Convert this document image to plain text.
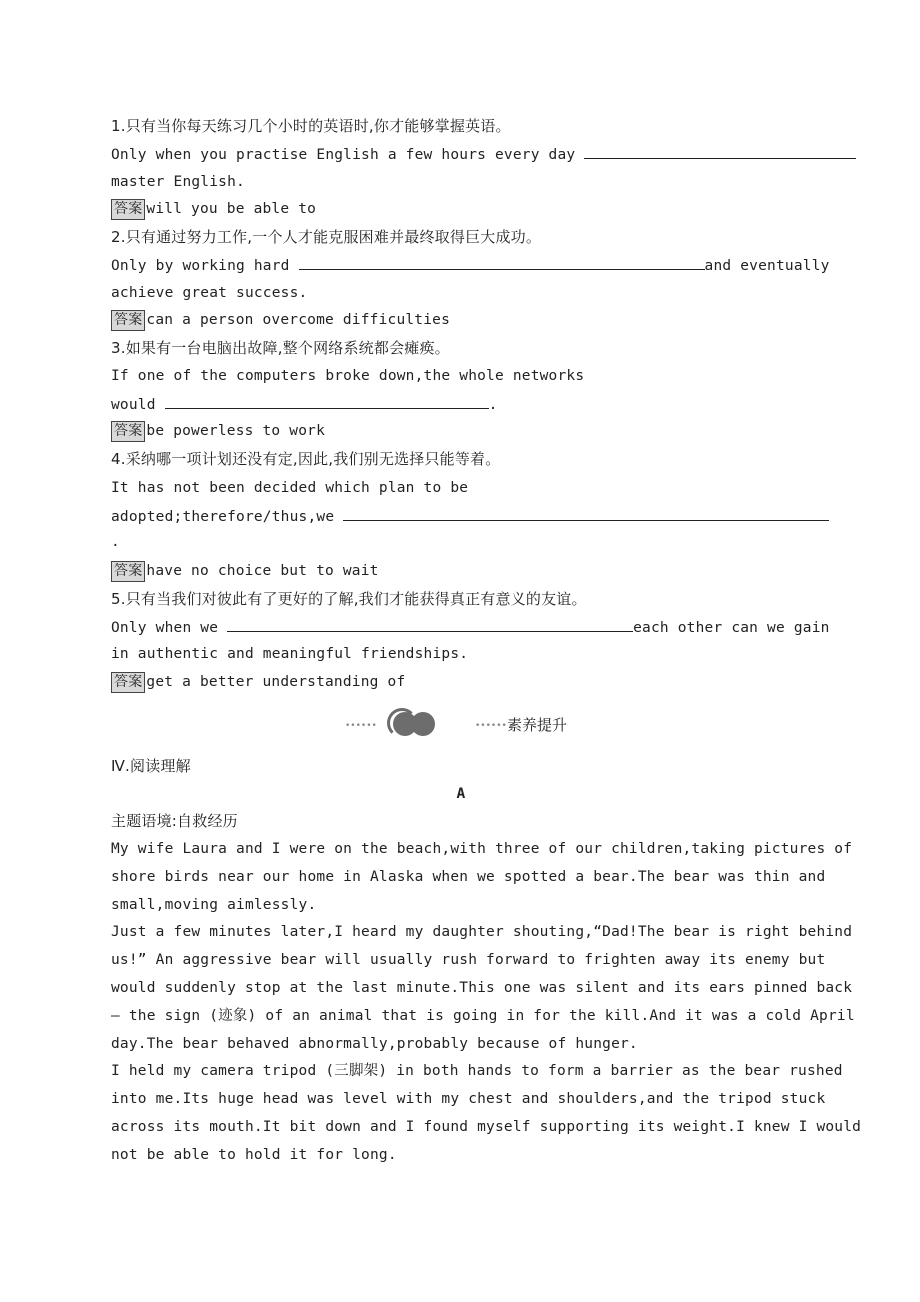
1.只有当你每天练习几个小时的英语时,你才能够掌握英语。
Only when you practise English a few hours every day
master English.
答案 will you be able to
2.只有通过努力工作,一个人才能克服困难并最终取得巨大成功。
Only by working hard	and eventually
achieve great success.
答案 can a person overcome difficulties
3.如果有一台电脑出故障,整个网络系统都会瘫痪。
If one of the computers broke down,the whole networks
would	.
答案 be powerless to work
4.采纳哪一项计划还没有定,因此,我们别无选择只能等着。
It has not been decided which plan to be
adopted;therefore/thus,we
.
答案 have no choice but to wait
5.只有当我们对彼此有了更好的了解,我们才能获得真正有意义的友谊。
Only when we	each other can we gain
in authentic and meaningful friendships.
答案 get a better understanding of
••••••	•••••• 素养提升
Ⅳ.阅读理解
A
主题语境:自救经历
My wife Laura and I were on the beach,with three of our children,taking pictures of
shore birds near our home in Alaska when we spotted a bear.The bear was thin and
small,moving aimlessly.
Just a few minutes later,I heard my daughter shouting,“Dad!The bear is right behind
us!” An aggressive bear will usually rush forward to frighten away its enemy but
would suddenly stop at the last minute.This one was silent and its ears pinned back
— the sign (迹象) of an animal that is going in for the kill.And it was a cold April
day.The bear behaved abnormally,probably because of hunger.
I held my camera tripod (三脚架) in both hands to form a barrier as the bear rushed
into me.Its huge head was level with my chest and shoulders,and the tripod stuck
across its mouth.It bit down and I found myself supporting its weight.I knew I would
not be able to hold it for long.
